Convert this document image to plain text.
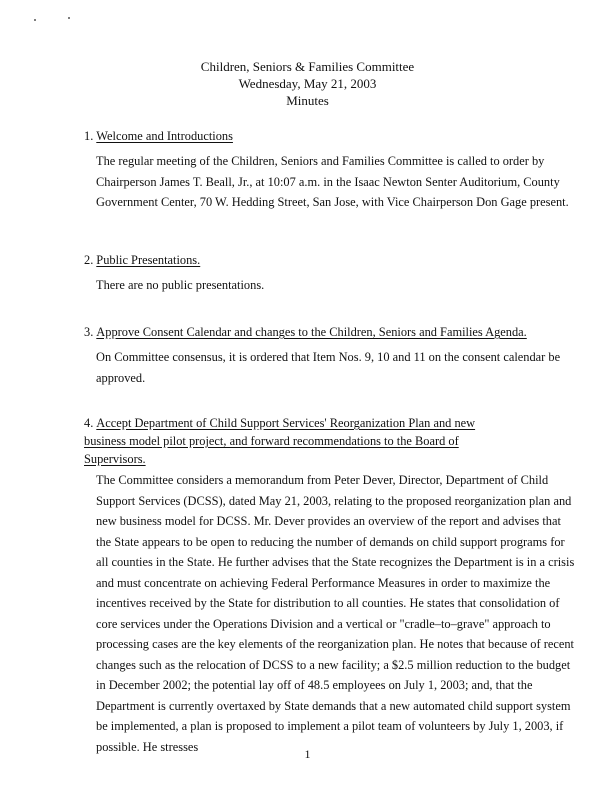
Children, Seniors & Families Committee
Wednesday, May 21, 2003
Minutes
1. Welcome and Introductions
The regular meeting of the Children, Seniors and Families Committee is called to order by Chairperson James T. Beall, Jr., at 10:07 a.m. in the Isaac Newton Senter Auditorium, County Government Center, 70 W. Hedding Street, San Jose, with Vice Chairperson Don Gage present.
2. Public Presentations.
There are no public presentations.
3. Approve Consent Calendar and changes to the Children, Seniors and Families Agenda.
On Committee consensus, it is ordered that Item Nos. 9, 10 and 11 on the consent calendar be approved.
4. Accept Department of Child Support Services' Reorganization Plan and new business model pilot project, and forward recommendations to the Board of Supervisors.
The Committee considers a memorandum from Peter Dever, Director, Department of Child Support Services (DCSS), dated May 21, 2003, relating to the proposed reorganization plan and new business model for DCSS. Mr. Dever provides an overview of the report and advises that the State appears to be open to reducing the number of demands on child support programs for all counties in the State. He further advises that the State recognizes the Department is in a crisis and must concentrate on achieving Federal Performance Measures in order to maximize the incentives received by the State for distribution to all counties. He states that consolidation of core services under the Operations Division and a vertical or "cradle–to–grave" approach to processing cases are the key elements of the reorganization plan. He notes that because of recent changes such as the relocation of DCSS to a new facility; a $2.5 million reduction to the budget in December 2002; the potential lay off of 48.5 employees on July 1, 2003; and, that the Department is currently overtaxed by State demands that a new automated child support system be implemented, a plan is proposed to implement a pilot team of volunteers by July 1, 2003, if possible. He stresses
1
